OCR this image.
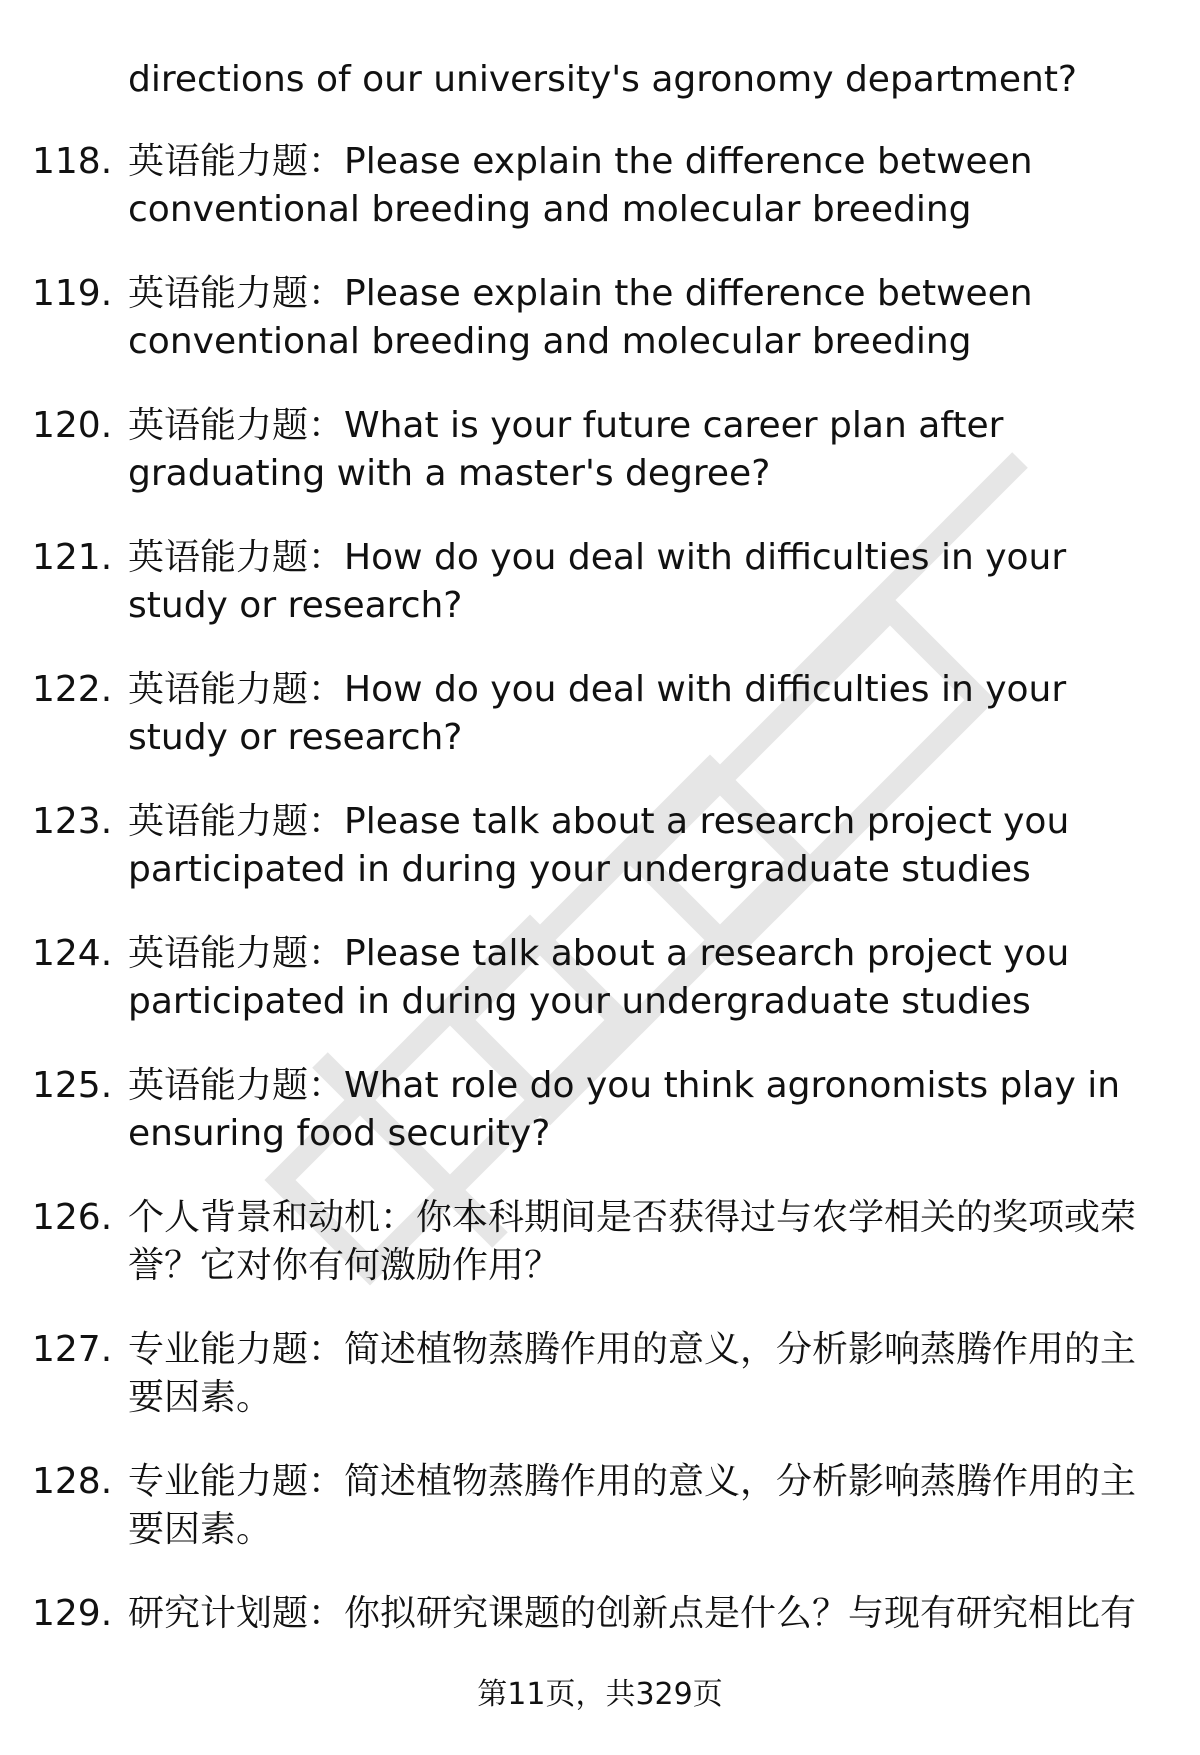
directions of our university's agronomy department?
118. 英语能力题：Please explain the difference between conventional breeding and molecular breeding
119. 英语能力题：Please explain the difference between conventional breeding and molecular breeding
120. 英语能力题：What is your future career plan after graduating with a master's degree?
121. 英语能力题：How do you deal with difficulties in your study or research?
122. 英语能力题：How do you deal with difficulties in your study or research?
123. 英语能力题：Please talk about a research project you participated in during your undergraduate studies
124. 英语能力题：Please talk about a research project you participated in during your undergraduate studies
125. 英语能力题：What role do you think agronomists play in ensuring food security?
126. 个人背景和动机：你本科期间是否获得过与农学相关的奖项或荣誉？它对你有何激励作用？
127. 专业能力题：简述植物蒸腾作用的意义，分析影响蒸腾作用的主要因素。
128. 专业能力题：简述植物蒸腾作用的意义，分析影响蒸腾作用的主要因素。
129. 研究计划题：你拟研究课题的创新点是什么？与现有研究相比有
第11页，共329页
